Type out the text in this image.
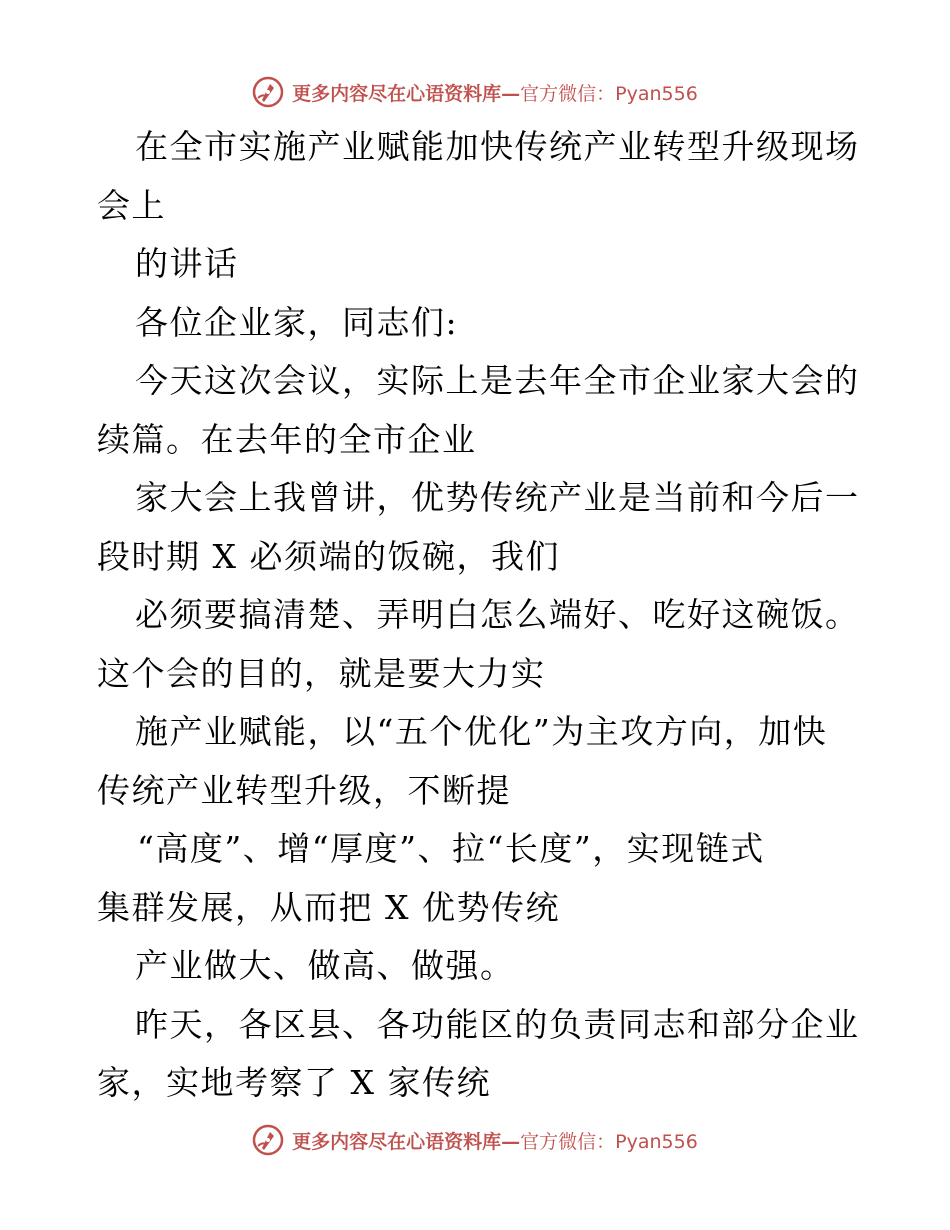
更多内容尽在心语资料库—官方微信：Pyan556
在全市实施产业赋能加快传统产业转型升级现场
会上
的讲话
各位企业家，同志们:
今天这次会议，实际上是去年全市企业家大会的
续篇。在去年的全市企业
家大会上我曾讲，优势传统产业是当前和今后一
段时期 X 必须端的饭碗，我们
必须要搞清楚、弄明白怎么端好、吃好这碗饭。
这个会的目的，就是要大力实
施产业赋能，以“五个优化”为主攻方向，加快
传统产业转型升级，不断提
“高度”、增“厚度”、拉“长度”，实现链式
集群发展，从而把 X 优势传统
产业做大、做高、做强。
昨天，各区县、各功能区的负责同志和部分企业
家，实地考察了 X 家传统
更多内容尽在心语资料库—官方微信：Pyan556
